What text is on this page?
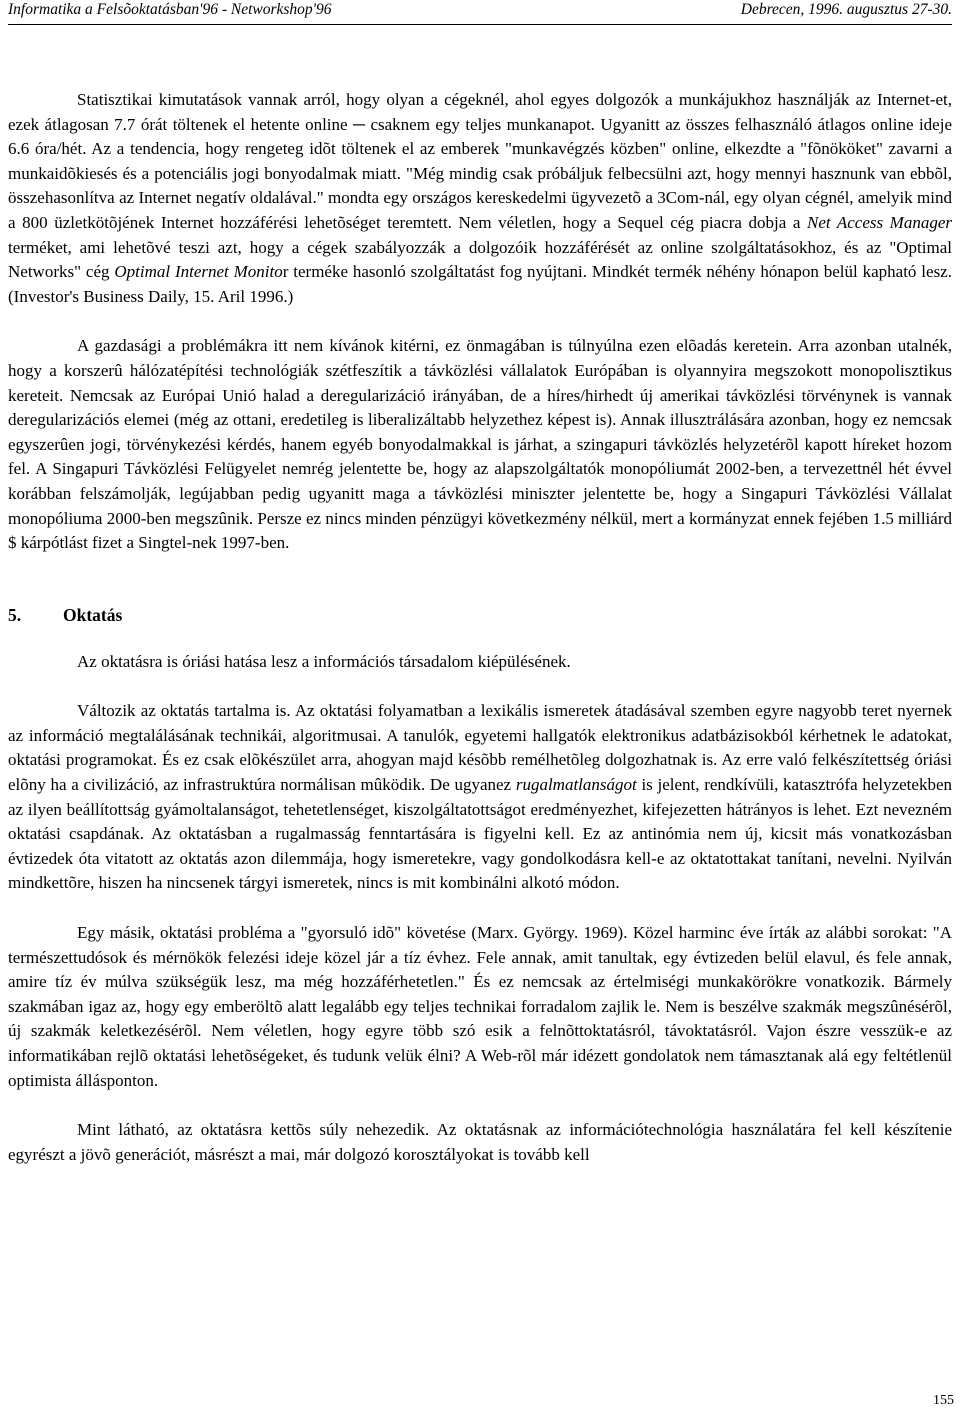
Informatika a Felsõoktatásban'96 - Networkshop'96	Debrecen, 1996. augusztus 27-30.

Statisztikai kimutatások vannak arról, hogy olyan a cégeknél, ahol egyes dolgozók a munkájukhoz használják az Internet-et, ezek átlagosan 7.7 órát töltenek el hetente online ─ csaknem egy teljes munkanapot. Ugyanitt az összes felhasználó átlagos online ideje 6.6 óra/hét. Az a tendencia, hogy rengeteg idõt töltenek el az emberek "munkavégzés közben" online, elkezdte a "fõnököket" zavarni a munkaidõkiesés és a potenciális jogi bonyodalmak miatt. "Még mindig csak próbáljuk felbecsülni azt, hogy mennyi hasznunk van ebbõl, összehasonlítva az Internet negatív oldalával." mondta egy országos kereskedelmi ügyvezetõ a 3Com-nál, egy olyan cégnél, amelyik mind a 800 üzletkötõjének Internet hozzáférési lehetõséget teremtett. Nem véletlen, hogy a Sequel cég piacra dobja a Net Access Manager terméket, ami lehetõvé teszi azt, hogy a cégek szabályozzák a dolgozóik hozzáférését az online szolgáltatásokhoz, és az "Optimal Networks" cég Optimal Internet Monitor terméke hasonló szolgáltatást fog nyújtani. Mindkét termék néhény hónapon belül kapható lesz. (Investor's Business Daily, 15. Aril 1996.)

A gazdasági a problémákra itt nem kívánok kitérni, ez önmagában is túlnyúlna ezen elõadás keretein. Arra azonban utalnék, hogy a korszerû hálózatépítési technológiák szétfeszítik a távközlési vállalatok Európában is olyannyira megszokott monopolisztikus kereteit. Nemcsak az Európai Unió halad a deregularizáció irányában, de a híres/hirhedt új amerikai távközlési törvénynek is vannak deregularizációs elemei (még az ottani, eredetileg is liberalizáltabb helyzethez képest is). Annak illusztrálására azonban, hogy ez nemcsak egyszerûen jogi, törvénykezési kérdés, hanem egyéb bonyodalmakkal is járhat, a szingapuri távközlés helyzetérõl kapott híreket hozom fel. A Singapuri Távközlési Felügyelet nemrég jelentette be, hogy az alapszolgáltatók monopóliumát 2002-ben, a tervezettnél hét évvel korábban felszámolják, legújabban pedig ugyanitt maga a távközlési miniszter jelentette be, hogy a Singapuri Távközlési Vállalat monopóliuma 2000-ben megszûnik. Persze ez nincs minden pénzügyi következmény nélkül, mert a kormányzat ennek fejében 1.5 milliárd $ kárpótlást fizet a Singtel-nek 1997-ben.

5. Oktatás

Az oktatásra is óriási hatása lesz a információs társadalom kiépülésének.

Változik az oktatás tartalma is. Az oktatási folyamatban a lexikális ismeretek átadásával szemben egyre nagyobb teret nyernek az információ megtalálásának technikái, algoritmusai. A tanulók, egyetemi hallgatók elektronikus adatbázisokból kérhetnek le adatokat, oktatási programokat. És ez csak elõkészület arra, ahogyan majd késõbb remélhetõleg dolgozhatnak is. Az erre való felkészítettség óriási elõny ha a civilizáció, az infrastruktúra normálisan mûködik. De ugyanez rugalmatlanságot is jelent, rendkívüli, katasztrófa helyzetekben az ilyen beállítottság gyámoltalanságot, tehetetlenséget, kiszolgáltatottságot eredményezhet, kifejezetten hátrányos is lehet. Ezt nevezném oktatási csapdának. Az oktatásban a rugalmasság fenntartására is figyelni kell. Ez az antinómia nem új, kicsit más vonatkozásban évtizedek óta vitatott az oktatás azon dilemmája, hogy ismeretekre, vagy gondolkodásra kell-e az oktatottakat tanítani, nevelni. Nyilván mindkettõre, hiszen ha nincsenek tárgyi ismeretek, nincs is mit kombinálni alkotó módon.

Egy másik, oktatási probléma a "gyorsuló idõ" követése (Marx. György. 1969). Közel harminc éve írták az alábbi sorokat: "A természettudósok és mérnökök felezési ideje közel jár a tíz évhez. Fele annak, amit tanultak, egy évtizeden belül elavul, és fele annak, amire tíz év múlva szükségük lesz, ma még hozzáférhetetlen." És ez nemcsak az értelmiségi munkakörökre vonatkozik. Bármely szakmában igaz az, hogy egy emberöltõ alatt legalább egy teljes technikai forradalom zajlik le. Nem is beszélve szakmák megszûnésérõl, új szakmák keletkezésérõl. Nem véletlen, hogy egyre több szó esik a felnõttoktatásról, távoktatásról. Vajon észre vesszük-e az informatikában rejlõ oktatási lehetõségeket, és tudunk velük élni? A Web-rõl már idézett gondolatok nem támasztanak alá egy feltétlenül optimista állásponton.

Mint látható, az oktatásra kettõs súly nehezedik. Az oktatásnak az információtechnológia használatára fel kell készítenie egyrészt a jövõ generációt, másrészt a mai, már dolgozó korosztályokat is tovább kell

155
